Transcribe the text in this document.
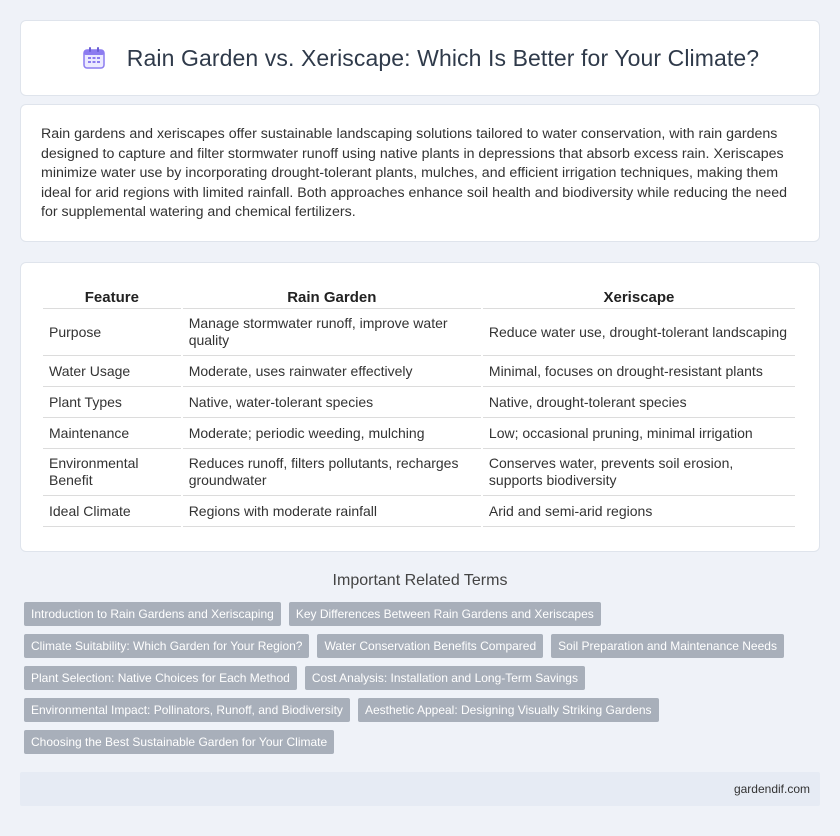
Rain Garden vs. Xeriscape: Which Is Better for Your Climate?

Rain gardens and xeriscapes offer sustainable landscaping solutions tailored to water conservation, with rain gardens designed to capture and filter stormwater runoff using native plants in depressions that absorb excess rain. Xeriscapes minimize water use by incorporating drought-tolerant plants, mulches, and efficient irrigation techniques, making them ideal for arid regions with limited rainfall. Both approaches enhance soil health and biodiversity while reducing the need for supplemental watering and chemical fertilizers.

Feature	Rain Garden	Xeriscape
Purpose	Manage stormwater runoff, improve water quality	Reduce water use, drought-tolerant landscaping
Water Usage	Moderate, uses rainwater effectively	Minimal, focuses on drought-resistant plants
Plant Types	Native, water-tolerant species	Native, drought-tolerant species
Maintenance	Moderate; periodic weeding, mulching	Low; occasional pruning, minimal irrigation
Environmental Benefit	Reduces runoff, filters pollutants, recharges groundwater	Conserves water, prevents soil erosion, supports biodiversity
Ideal Climate	Regions with moderate rainfall	Arid and semi-arid regions
Important Related Terms
Introduction to Rain Gardens and Xeriscaping	Key Differences Between Rain Gardens and Xeriscapes
Climate Suitability: Which Garden for Your Region?	Water Conservation Benefits Compared	Soil Preparation and Maintenance Needs
Plant Selection: Native Choices for Each Method	Cost Analysis: Installation and Long-Term Savings
Environmental Impact: Pollinators, Runoff, and Biodiversity	Aesthetic Appeal: Designing Visually Striking Gardens
Choosing the Best Sustainable Garden for Your Climate
gardendif.com
